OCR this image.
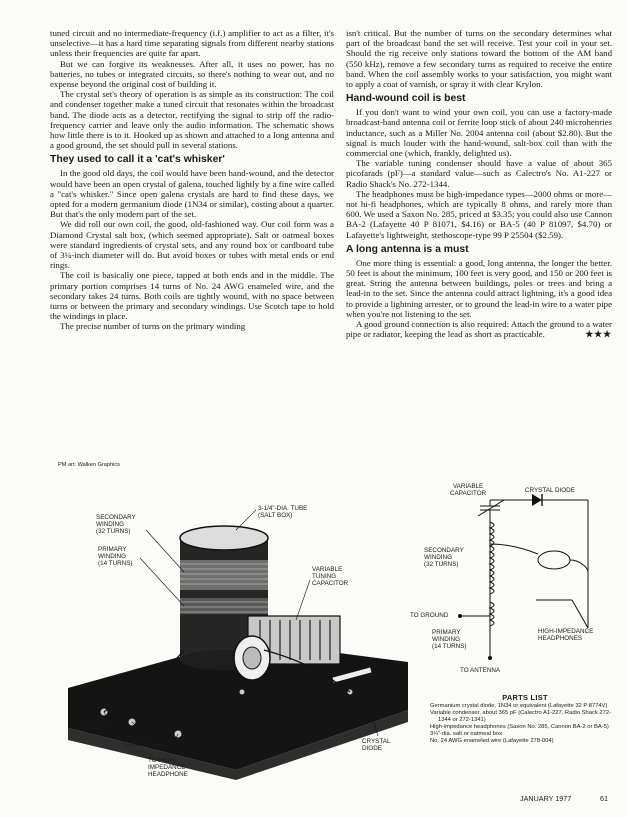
tuned circuit and no intermediate-frequency (i.f.) amplifier to act as a filter, it's unselective—it has a hard time separating signals from different nearby stations unless their frequencies are quite far apart.

But we can forgive its weaknesses. After all, it uses no power, has no batteries, no tubes or integrated circuits, so there's nothing to wear out, and no expense beyond the original cost of building it.

The crystal set's theory of operation is as simple as its construction: The coil and condenser together make a tuned circuit that resonates within the broadcast band. The diode acts as a detector, rectifying the signal to strip off the radio-frequency carrier and leave only the audio information. The schematic shows how little there is to it. Hooked up as shown and attached to a long antenna and a good ground, the set should pull in several stations.

They used to call it a 'cat's whisker'

In the good old days, the coil would have been hand-wound, and the detector would have been an open crystal of galena, touched lightly by a fine wire called a "cat's whisker." Since open galena crystals are hard to find these days, we opted for a modern germanium diode (1N34 or similar), costing about a quarter. But that's the only modern part of the set.

We did roll our own coil, the good, old-fashioned way. Our coil form was a Diamond Crystal salt box, (which seemed appropriate). Salt or oatmeal boxes were standard ingredients of crystal sets, and any round box or cardboard tube of 3¼-inch diameter will do. But avoid boxes or tubes with metal ends or end rings.

The coil is basically one piece, tapped at both ends and in the middle. The primary portion comprises 14 turns of No. 24 AWG enameled wire, and the secondary takes 24 turns. Both coils are tightly wound, with no space between turns or between the primary and secondary windings. Use Scotch tape to hold the windings in place.

The precise number of turns on the primary winding

isn't critical. But the number of turns on the secondary determines what part of the broadcast band the set will receive. Test your coil in your set. Should the rig receive only stations toward the bottom of the AM band (550 kHz), remove a few secondary turns as required to receive the entire band. When the coil assembly works to your satisfaction, you might want to apply a coat of varnish, or spray it with clear Krylon.

Hand-wound coil is best

If you don't want to wind your own coil, you can use a factory-made broadcast-band antenna coil or ferrite loop stick of about 240 microhenries inductance, such as a Miller No. 2004 antenna coil (about $2.80). But the signal is much louder with the hand-wound, salt-box coil than with the commercial one (which, frankly, delighted us).

The variable tuning condenser should have a value of about 365 picofarads (pF)—a standard value—such as Calectro's No. A1-227 or Radio Shack's No. 272-1344.

The headphones must be high-impedance types—2000 ohms or more—not hi-fi headphones, which are typically 8 ohms, and rarely more than 600. We used a Saxon No. 285, priced at $3.35; you could also use Cannon BA-2 (Lafayette 40 P 81071, $4.16) or BA-5 (40 P 81097, $4.70) or Lafayette's lightweight, stethoscope-type 99 P 25504 ($2.59).

A long antenna is a must

One more thing is essential: a good, long antenna, the longer the better. 50 feet is about the minimum, 100 feet is very good, and 150 or 200 feet is great. String the antenna between buildings, poles or trees and bring a lead-in to the set. Since the antenna could attract lightning, it's a good idea to provide a lightning arrester, or to ground the lead-in wire to a water pipe when you're not listening to the set.

A good ground connection is also required: Attach the ground to a water pipe or radiator, keeping the lead as short as practicable.	★★★

PM art: Walken Graphics
SECONDARY
WINDING
(32 TURNS)
PRIMARY
WINDING
(14 TURNS)
3-1/4"-DIA. TUBE
(SALT BOX)
VARIABLE
TUNING
CAPACITOR
ANTENNA
CONNECTION
GROUND
CONNECTION
TO HIGH-
IMPEDANCE
HEADPHONE
CRYSTAL
DIODE
VARIABLE
CAPACITOR	CRYSTAL DIODE
SECONDARY
WINDING
(32 TURNS)
TO GROUND
PRIMARY
WINDING
(14 TURNS)
TO ANTENNA
HIGH-IMPEDANCE
HEADPHONES
PARTS LIST
Germanium crystal diode, 1N34 or equivalent (Lafayette 32 P 8774V)
Variable condenser, about 365 pF (Calectro A1-227, Radio Shack 272-1344 or 272-1341)
High-impedance headphones (Saxon No. 285, Cannon BA-2 or BA-5)
3¼"-dia. salt or oatmeal box
No. 24 AWG enameled wire (Lafayette 278-004)
JANUARY 1977	61
